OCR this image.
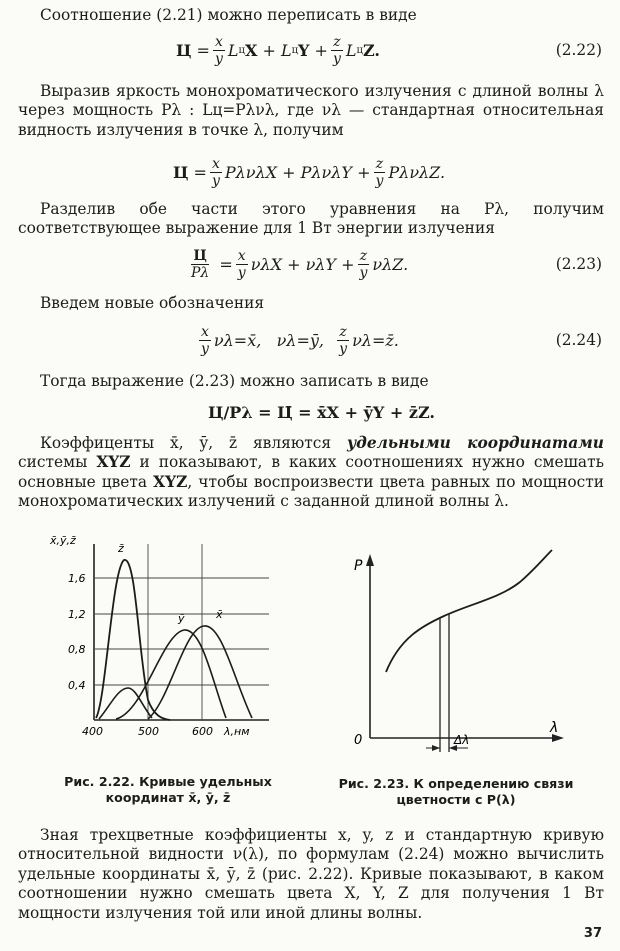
Соотношение (2.21) можно переписать в виде

$Ц = \frac{x}{y}$ L ц X
+
L ц $Y + \frac{z}{y}$ L ц Z.	(2.22)

Выразив яркость монохроматического излучения с длиной волны λ через мощность Pλ : Lц=Pλνλ, где νλ — стандартная относительная видность излучения в точке λ, получим

$Ц = \frac{x}{y}$ $P\lambda\nu\lambda X + P\lambda\nu\lambda Y + \frac{z}{y} P\lambda\nu\lambda Z$.

Разделив обе части этого уравнения на Pλ, получим соответствующее выражение для 1 Вт энергии излучения

$\frac{Ц}{P\lambda} = \frac{x}{y}$ $\nu\lambda X + \nu\lambda Y + \frac{z}{y} \nu\lambda Z$.	(2.23)

Введем новые обозначения

$\frac{x}{y}$ νλ=x̄,
νλ=ȳ,
$\frac{z}{y}$ νλ=z̄.	(2.24)

Тогда выражение (2.23) можно записать в виде

Ц/Pλ = Ц̄ = x̄X + ȳY + z̄Z.

Коэффиценты x̄, ȳ, z̄ являются удельными координатами системы XYZ и показывают, в каких соотношениях нужно смешать основные цвета XYZ, чтобы воспроизвести цвета равных по мощности монохроматических излучений с заданной длиной волны λ.

x̄,ȳ,z̄
1,6
1,2
0,8
0,4
400	500	600 λ,нм
z̄
ȳ	x̄
Рис. 2.22. Кривые удельных
координат x̄, ȳ, z̄
P
0
λ
Δλ
Рис. 2.23. К определению связи
цветности с P(λ)

Зная трехцветные коэффициенты x, y, z и стандартную кривую относительной видности ν(λ), по формулам (2.24) можно вычислить удельные координаты x̄, ȳ, z̄ (рис. 2.22). Кривые показывают, в каком соотношении нужно смешать цвета X, Y, Z для получения 1 Вт мощности излучения той или иной длины волны.

37
